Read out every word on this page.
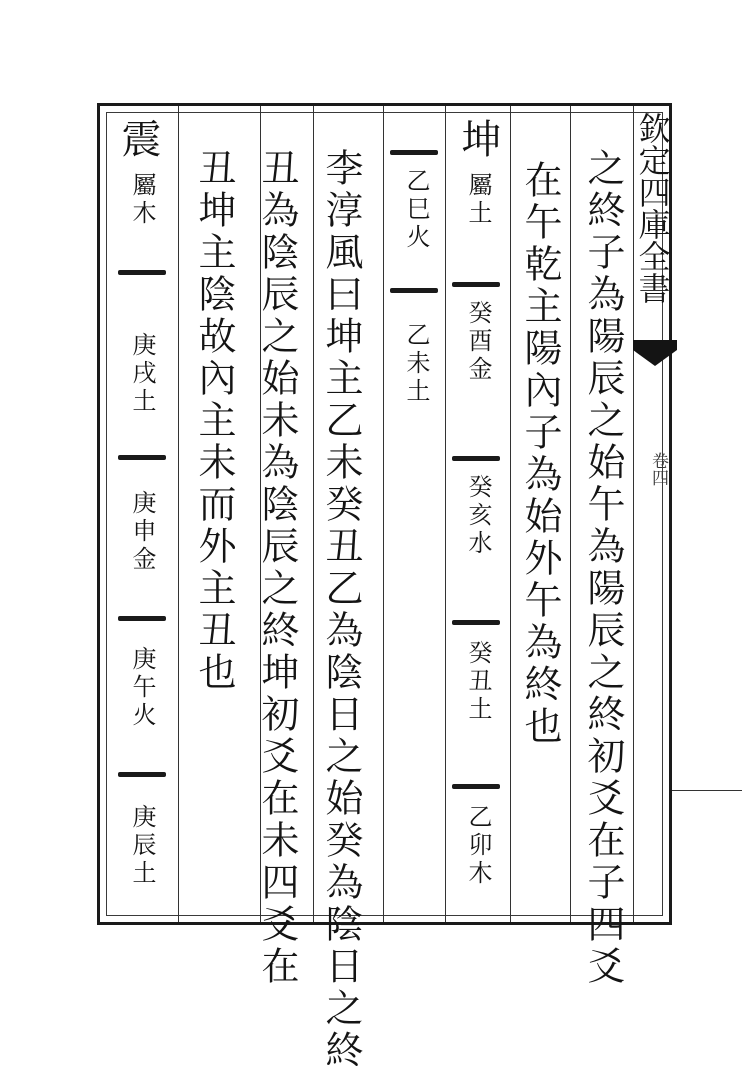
欽定四庫全書
卷四
之終子為陽辰之始午為陽辰之終初爻在子四爻
在午乾主陽內子為始外午為終也
坤
屬土
癸酉金
癸亥水
癸丑土
乙卯木
乙巳火
乙未土
李淳風曰坤主乙未癸丑乙為陰日之始癸為陰日之終
丑為陰辰之始未為陰辰之終坤初爻在未四爻在
丑坤主陰故內主未而外主丑也
震
屬木
庚戌土
庚申金
庚午火
庚辰土
